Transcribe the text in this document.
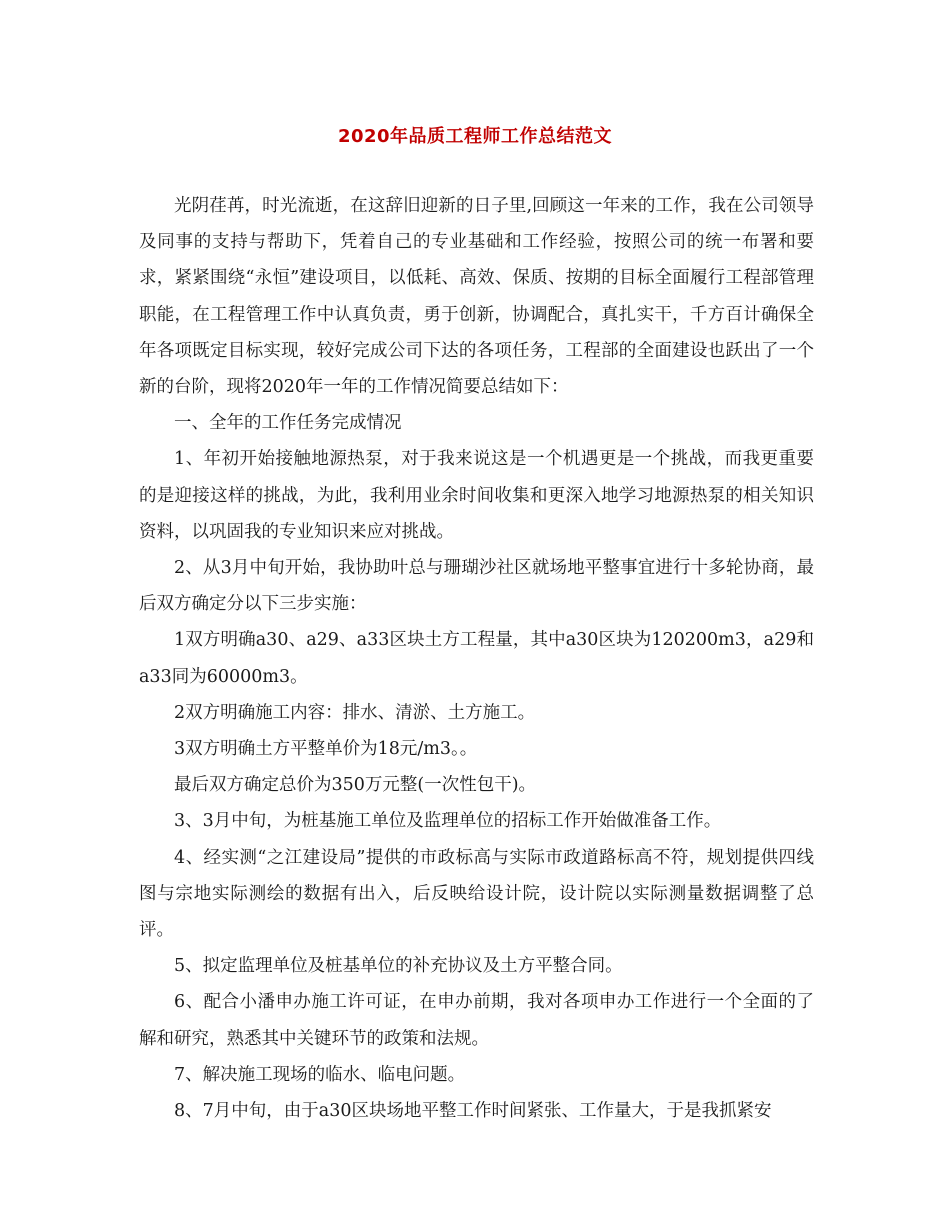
2020年品质工程师工作总结范文

光阴荏苒，时光流逝，在这辞旧迎新的日子里,回顾这一年来的工作，我在公司领导及同事的支持与帮助下，凭着自己的专业基础和工作经验，按照公司的统一布署和要求，紧紧围绕“永恒”建设项目，以低耗、高效、保质、按期的目标全面履行工程部管理职能，在工程管理工作中认真负责，勇于创新，协调配合，真扎实干，千方百计确保全年各项既定目标实现，较好完成公司下达的各项任务，工程部的全面建设也跃出了一个新的台阶，现将2020年一年的工作情况简要总结如下：

一、全年的工作任务完成情况

1、年初开始接触地源热泵，对于我来说这是一个机遇更是一个挑战，而我更重要的是迎接这样的挑战，为此，我利用业余时间收集和更深入地学习地源热泵的相关知识资料，以巩固我的专业知识来应对挑战。

2、从3月中旬开始，我协助叶总与珊瑚沙社区就场地平整事宜进行十多轮协商，最后双方确定分以下三步实施：

1双方明确a30、a29、a33区块土方工程量，其中a30区块为120200m3，a29和a33同为60000m3。

2双方明确施工内容：排水、清淤、土方施工。

3双方明确土方平整单价为18元/m3。。

最后双方确定总价为350万元整(一次性包干)。

3、3月中旬，为桩基施工单位及监理单位的招标工作开始做准备工作。

4、经实测“之江建设局”提供的市政标高与实际市政道路标高不符，规划提供四线图与宗地实际测绘的数据有出入，后反映给设计院，设计院以实际测量数据调整了总评。

5、拟定监理单位及桩基单位的补充协议及土方平整合同。

6、配合小潘申办施工许可证，在申办前期，我对各项申办工作进行一个全面的了解和研究，熟悉其中关键环节的政策和法规。

7、解决施工现场的临水、临电问题。

8、7月中旬，由于a30区块场地平整工作时间紧张、工作量大，于是我抓紧安
